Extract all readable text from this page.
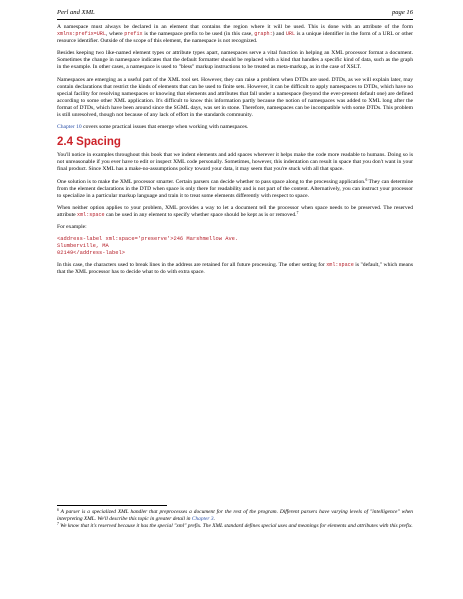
Perl and XML	page 16

A namespace must always be declared in an element that contains the region where it will be used. This is done with an attribute of the form xmlns:prefix=URL, where prefix is the namespace prefix to be used (in this case, graph:) and URL is a unique identifier in the form of a URL or other resource identifier. Outside of the scope of this element, the namespace is not recognized.

Besides keeping two like-named element types or attribute types apart, namespaces serve a vital function in helping an XML processor format a document. Sometimes the change in namespace indicates that the default formatter should be replaced with a kind that handles a specific kind of data, such as the graph in the example. In other cases, a namespace is used to "bless" markup instructions to be treated as meta-markup, as in the case of XSLT.

Namespaces are emerging as a useful part of the XML tool set. However, they can raise a problem when DTDs are used. DTDs, as we will explain later, may contain declarations that restrict the kinds of elements that can be used to finite sets. However, it can be difficult to apply namespaces to DTDs, which have no special facility for resolving namespaces or knowing that elements and attributes that fall under a namespace (beyond the ever-present default one) are defined according to some other XML application. It's difficult to know this information partly because the notion of namespaces was added to XML long after the format of DTDs, which have been around since the SGML days, was set in stone. Therefore, namespaces can be incompatible with some DTDs. This problem is still unresolved, though not because of any lack of effort in the standards community.

Chapter 10 covers some practical issues that emerge when working with namespaces.

2.4 Spacing

You'll notice in examples throughout this book that we indent elements and add spaces wherever it helps make the code more readable to humans. Doing so is not unreasonable if you ever have to edit or inspect XML code personally. Sometimes, however, this indentation can result in space that you don't want in your final product. Since XML has a make-no-assumptions policy toward your data, it may seem that you're stuck with all that space.

One solution is to make the XML processor smarter. Certain parsers can decide whether to pass space along to the processing application.$^6$ They can determine from the element declarations in the DTD when space is only there for readability and is not part of the content. Alternatively, you can instruct your processor to specialize in a particular markup language and train it to treat some elements differently with respect to space.

When neither option applies to your problem, XML provides a way to let a document tell the processor when space needs to be preserved. The reserved attribute xml:space can be used in any element to specify whether space should be kept as is or removed.$^7$

For example:

<address-label xml:space='preserve'>246 Marshmellow Ave.
Slumberville, MA
02149</address-label>

In this case, the characters used to break lines in the address are retained for all future processing. The other setting for xml:space is "default," which means that the XML processor has to decide what to do with extra space.

$^6$ A parser is a specialized XML handler that preprocesses a document for the rest of the program. Different parsers have varying levels of "intelligence" when interpreting XML. We'll describe this topic in greater detail in Chapter 3.

$^7$ We know that it's reserved because it has the special "xml" prefix. The XML standard defines special uses and meanings for elements and attributes with this prefix.
